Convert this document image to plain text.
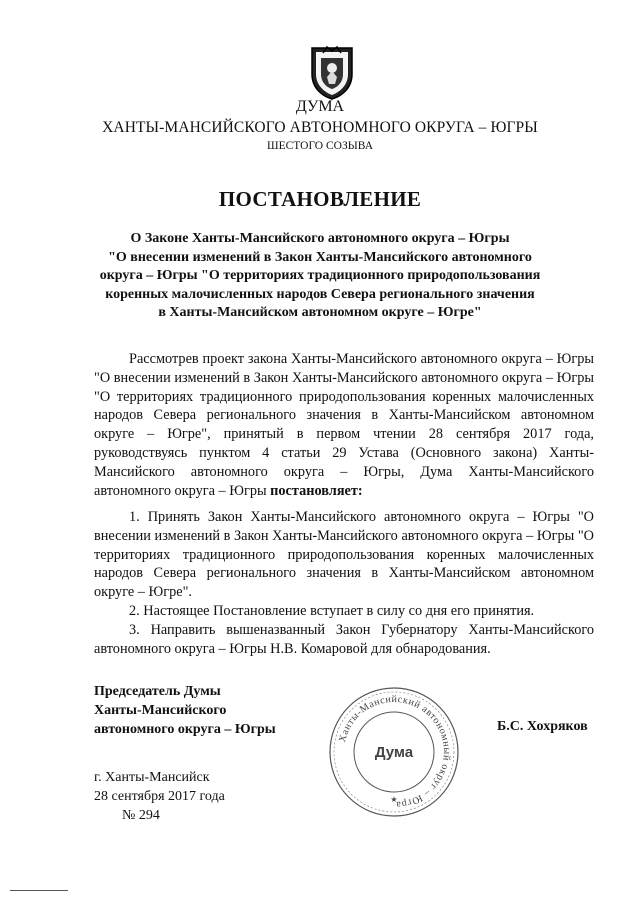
ДУМА
ХАНТЫ-МАНСИЙСКОГО АВТОНОМНОГО ОКРУГА – ЮГРЫ
ШЕСТОГО СОЗЫВА
ПОСТАНОВЛЕНИЕ
О Законе Ханты-Мансийского автономного округа – Югры
"О внесении изменений в Закон Ханты-Мансийского автономного
округа – Югры "О территориях традиционного природопользования
коренных малочисленных народов Севера регионального значения
в Ханты-Мансийском автономном округе – Югре"

Рассмотрев проект закона Ханты-Мансийского автономного округа – Югры "О внесении изменений в Закон Ханты-Мансийского автономного округа – Югры "О территориях традиционного природопользования коренных малочисленных народов Севера регионального значения в Ханты-Мансийском автономном округе – Югре", принятый в первом чтении 28 сентября 2017 года, руководствуясь пунктом 4 статьи 29 Устава (Основного закона) Ханты-Мансийского автономного округа – Югры, Дума Ханты-Мансийского автономного округа – Югры постановляет:

1. Принять Закон Ханты-Мансийского автономного округа – Югры "О внесении изменений в Закон Ханты-Мансийского автономного округа – Югры "О территориях традиционного природопользования коренных малочисленных народов Севера регионального значения в Ханты-Мансийском автономном округе – Югре".

2. Настоящее Постановление вступает в силу со дня его принятия.

3. Направить вышеназванный Закон Губернатору Ханты-Мансийского автономного округа – Югры Н.В. Комаровой для обнародования.

Председатель Думы
Ханты-Мансийского
автономного округа – Югры
Ханты-Мансийский автономный округ – Югра
Дума
★
Б.С. Хохряков
г. Ханты-Мансийск
28 сентября 2017 года
№ 294
